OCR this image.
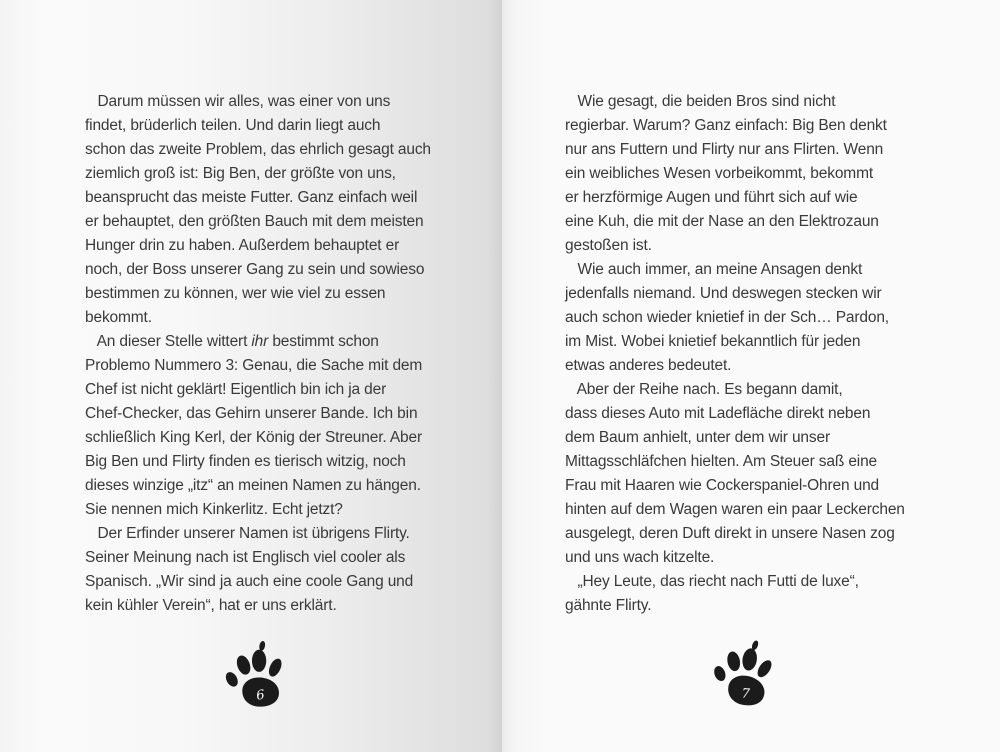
Darum müssen wir alles, was einer von uns
findet, brüderlich teilen. Und darin liegt auch
schon das zweite Problem, das ehrlich gesagt auch
ziemlich groß ist: Big Ben, der größte von uns,
beansprucht das meiste Futter. Ganz einfach weil
er behauptet, den größten Bauch mit dem meisten
Hunger drin zu haben. Außerdem behauptet er
noch, der Boss unserer Gang zu sein und sowieso
bestimmen zu können, wer wie viel zu essen
bekommt.
An dieser Stelle wittert ihr bestimmt schon
Problemo Nummero 3: Genau, die Sache mit dem
Chef ist nicht geklärt! Eigentlich bin ich ja der
Chef-Checker, das Gehirn unserer Bande. Ich bin
schließlich King Kerl, der König der Streuner. Aber
Big Ben und Flirty finden es tierisch witzig, noch
dieses winzige „itz“ an meinen Namen zu hängen.
Sie nennen mich Kinkerlitz. Echt jetzt?
Der Erfinder unserer Namen ist übrigens Flirty.
Seiner Meinung nach ist Englisch viel cooler als
Spanisch. „Wir sind ja auch eine coole Gang und
kein kühler Verein“, hat er uns erklärt.
6
Wie gesagt, die beiden Bros sind nicht
regierbar. Warum? Ganz einfach: Big Ben denkt
nur ans Futtern und Flirty nur ans Flirten. Wenn
ein weibliches Wesen vorbeikommt, bekommt
er herzförmige Augen und führt sich auf wie
eine Kuh, die mit der Nase an den Elektrozaun
gestoßen ist.
Wie auch immer, an meine Ansagen denkt
jedenfalls niemand. Und deswegen stecken wir
auch schon wieder knietief in der Sch… Pardon,
im Mist. Wobei knietief bekanntlich für jeden
etwas anderes bedeutet.
Aber der Reihe nach. Es begann damit,
dass dieses Auto mit Ladefläche direkt neben
dem Baum anhielt, unter dem wir unser
Mittagsschläfchen hielten. Am Steuer saß eine
Frau mit Haaren wie Cockerspaniel-Ohren und
hinten auf dem Wagen waren ein paar Leckerchen
ausgelegt, deren Duft direkt in unsere Nasen zog
und uns wach kitzelte.
„Hey Leute, das riecht nach Futti de luxe“,
gähnte Flirty.
7
